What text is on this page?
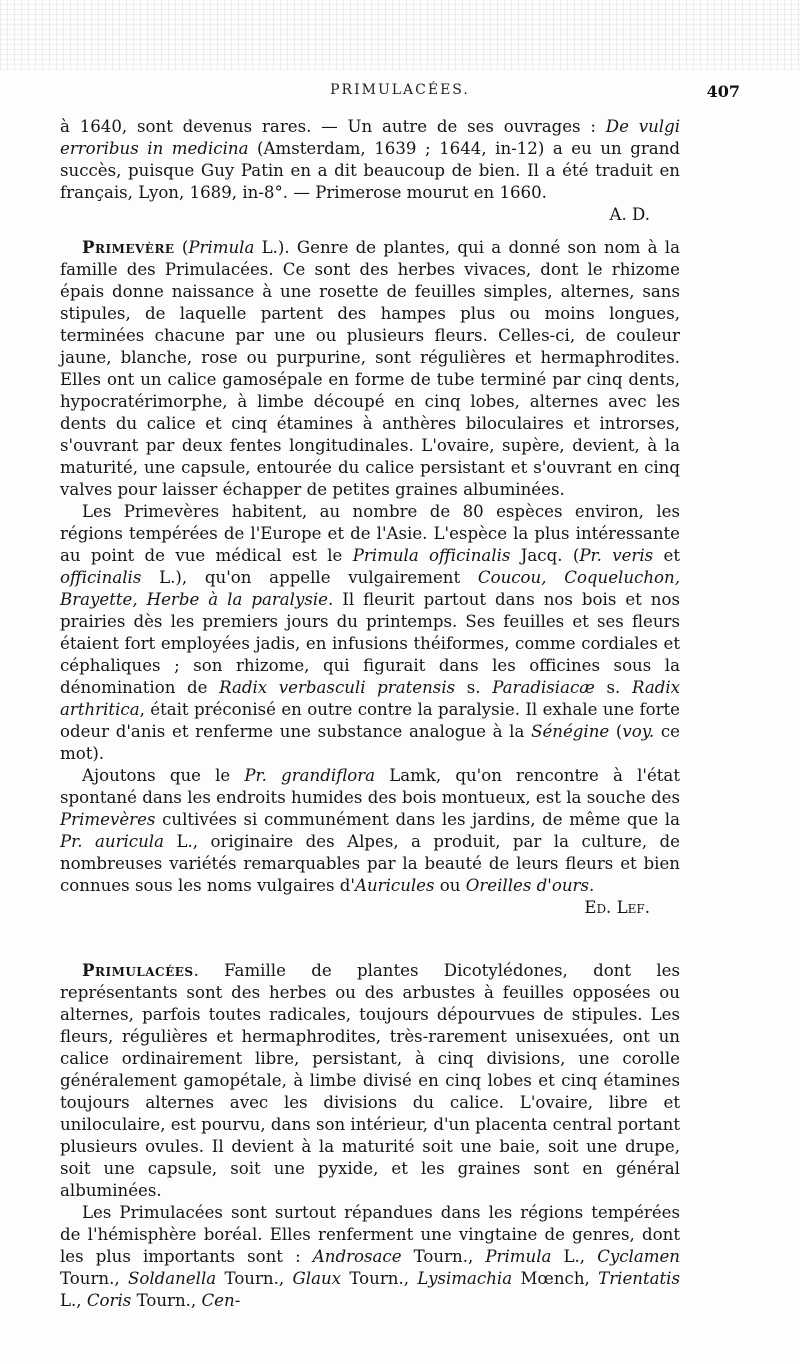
PRIMULACÉES.	407

à 1640, sont devenus rares. — Un autre de ses ouvrages : De vulgi erroribus in medicina (Amsterdam, 1639 ; 1644, in-12) a eu un grand succès, puisque Guy Patin en a dit beaucoup de bien. Il a été traduit en français, Lyon, 1689, in-8°. — Primerose mourut en 1660.

A. D.

Primevère (Primula L.). Genre de plantes, qui a donné son nom à la famille des Primulacées. Ce sont des herbes vivaces, dont le rhizome épais donne naissance à une rosette de feuilles simples, alternes, sans stipules, de laquelle partent des hampes plus ou moins longues, terminées chacune par une ou plusieurs fleurs. Celles-ci, de couleur jaune, blanche, rose ou purpurine, sont régulières et hermaphrodites. Elles ont un calice gamosépale en forme de tube terminé par cinq dents, hypocratérimorphe, à limbe découpé en cinq lobes, alternes avec les dents du calice et cinq étamines à anthères biloculaires et introrses, s'ouvrant par deux fentes longitudinales. L'ovaire, supère, devient, à la maturité, une capsule, entourée du calice persistant et s'ouvrant en cinq valves pour laisser échapper de petites graines albuminées.

Les Primevères habitent, au nombre de 80 espèces environ, les régions tempérées de l'Europe et de l'Asie. L'espèce la plus intéressante au point de vue médical est le Primula officinalis Jacq. (Pr. veris et officinalis L.), qu'on appelle vulgairement Coucou, Coqueluchon, Brayette, Herbe à la paralysie. Il fleurit partout dans nos bois et nos prairies dès les premiers jours du printemps. Ses feuilles et ses fleurs étaient fort employées jadis, en infusions théiformes, comme cordiales et céphaliques ; son rhizome, qui figurait dans les officines sous la dénomination de Radix verbasculi pratensis s. Paradisiacæ s. Radix arthritica, était préconisé en outre contre la paralysie. Il exhale une forte odeur d'anis et renferme une substance analogue à la Sénégine (voy. ce mot).

Ajoutons que le Pr. grandiflora Lamk, qu'on rencontre à l'état spontané dans les endroits humides des bois montueux, est la souche des Primevères cultivées si communément dans les jardins, de même que la Pr. auricula L., originaire des Alpes, a produit, par la culture, de nombreuses variétés remarquables par la beauté de leurs fleurs et bien connues sous les noms vulgaires d'Auricules ou Oreilles d'ours.

Ed. Lef.

Primulacées. Famille de plantes Dicotylédones, dont les représentants sont des herbes ou des arbustes à feuilles opposées ou alternes, parfois toutes radicales, toujours dépourvues de stipules. Les fleurs, régulières et hermaphrodites, très-rarement unisexuées, ont un calice ordinairement libre, persistant, à cinq divisions, une corolle généralement gamopétale, à limbe divisé en cinq lobes et cinq étamines toujours alternes avec les divisions du calice. L'ovaire, libre et uniloculaire, est pourvu, dans son intérieur, d'un placenta central portant plusieurs ovules. Il devient à la maturité soit une baie, soit une drupe, soit une capsule, soit une pyxide, et les graines sont en général albuminées.

Les Primulacées sont surtout répandues dans les régions tempérées de l'hémisphère boréal. Elles renferment une vingtaine de genres, dont les plus importants sont : Androsace Tourn., Primula L., Cyclamen Tourn., Soldanella Tourn., Glaux Tourn., Lysimachia Mœnch, Trientatis L., Coris Tourn., Cen-
